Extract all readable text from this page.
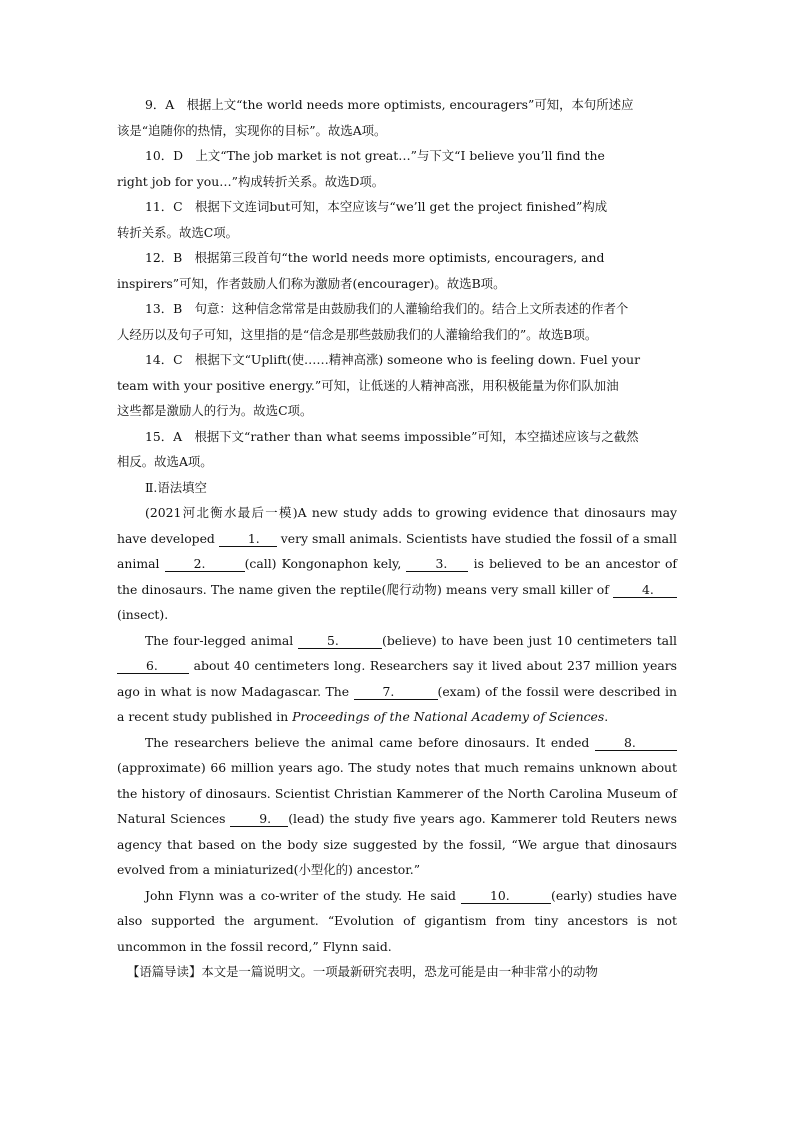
9．A　根据上文“the world needs more optimists, encouragers”可知，本句所述应
该是“追随你的热情，实现你的目标”。故选A项。

10．D　上文“The job market is not great…”与下文“I believe you’ll find the
right job for you…”构成转折关系。故选D项。

11．C　根据下文连词but可知，本空应该与“we’ll get the project finished”构成
转折关系。故选C项。

12．B　根据第三段首句“the world needs more optimists, encouragers, and
inspirers”可知，作者鼓励人们称为激励者(encourager)。故选B项。

13．B　句意：这种信念常常是由鼓励我们的人灌输给我们的。结合上文所表述的作者个
人经历以及句子可知，这里指的是“信念是那些鼓励我们的人灌输给我们的”。故选B项。

14．C　根据下文“Uplift(使……精神高涨) someone who is feeling down. Fuel your
team with your positive energy.”可知，让低迷的人精神高涨，用积极能量为你们队加油
这些都是激励人的行为。故选C项。

15．A　根据下文“rather than what seems impossible”可知，本空描述应该与之截然
相反。故选A项。

Ⅱ.语法填空

(2021河北衡水最后一模)A new study adds to growing evidence that dinosaurs may have developed 1. very small animals. Scientists have studied the fossil of a small animal 2.	(call) Kongonaphon kely, 3. is believed to be an ancestor of the dinosaurs. The name given the reptile(爬行动物) means very small killer of 4.(insect).

The four-legged animal 5.	(believe) to have been just 10 centimeters tall 6.	about 40 centimeters long. Researchers say it lived about 237 million years ago in what is now Madagascar. The 7.	(exam) of the fossil were described in a recent study published in Proceedings of the National Academy of Sciences.

The researchers believe the animal came before dinosaurs. It ended 8. (approximate) 66 million years ago. The study notes that much remains unknown about the history of dinosaurs. Scientist Christian Kammerer of the North Carolina Museum of Natural Sciences 9. (lead) the study five years ago. Kammerer told Reuters news agency that based on the body size suggested by the fossil, “We argue that dinosaurs evolved from a miniaturized(小型化的) ancestor.”

John Flynn was a co-writer of the study. He said 10.	(early) studies have also supported the argument. “Evolution of gigantism from tiny ancestors is not uncommon in the fossil record,” Flynn said.

【语篇导读】本文是一篇说明文。一项最新研究表明，恐龙可能是由一种非常小的动物
